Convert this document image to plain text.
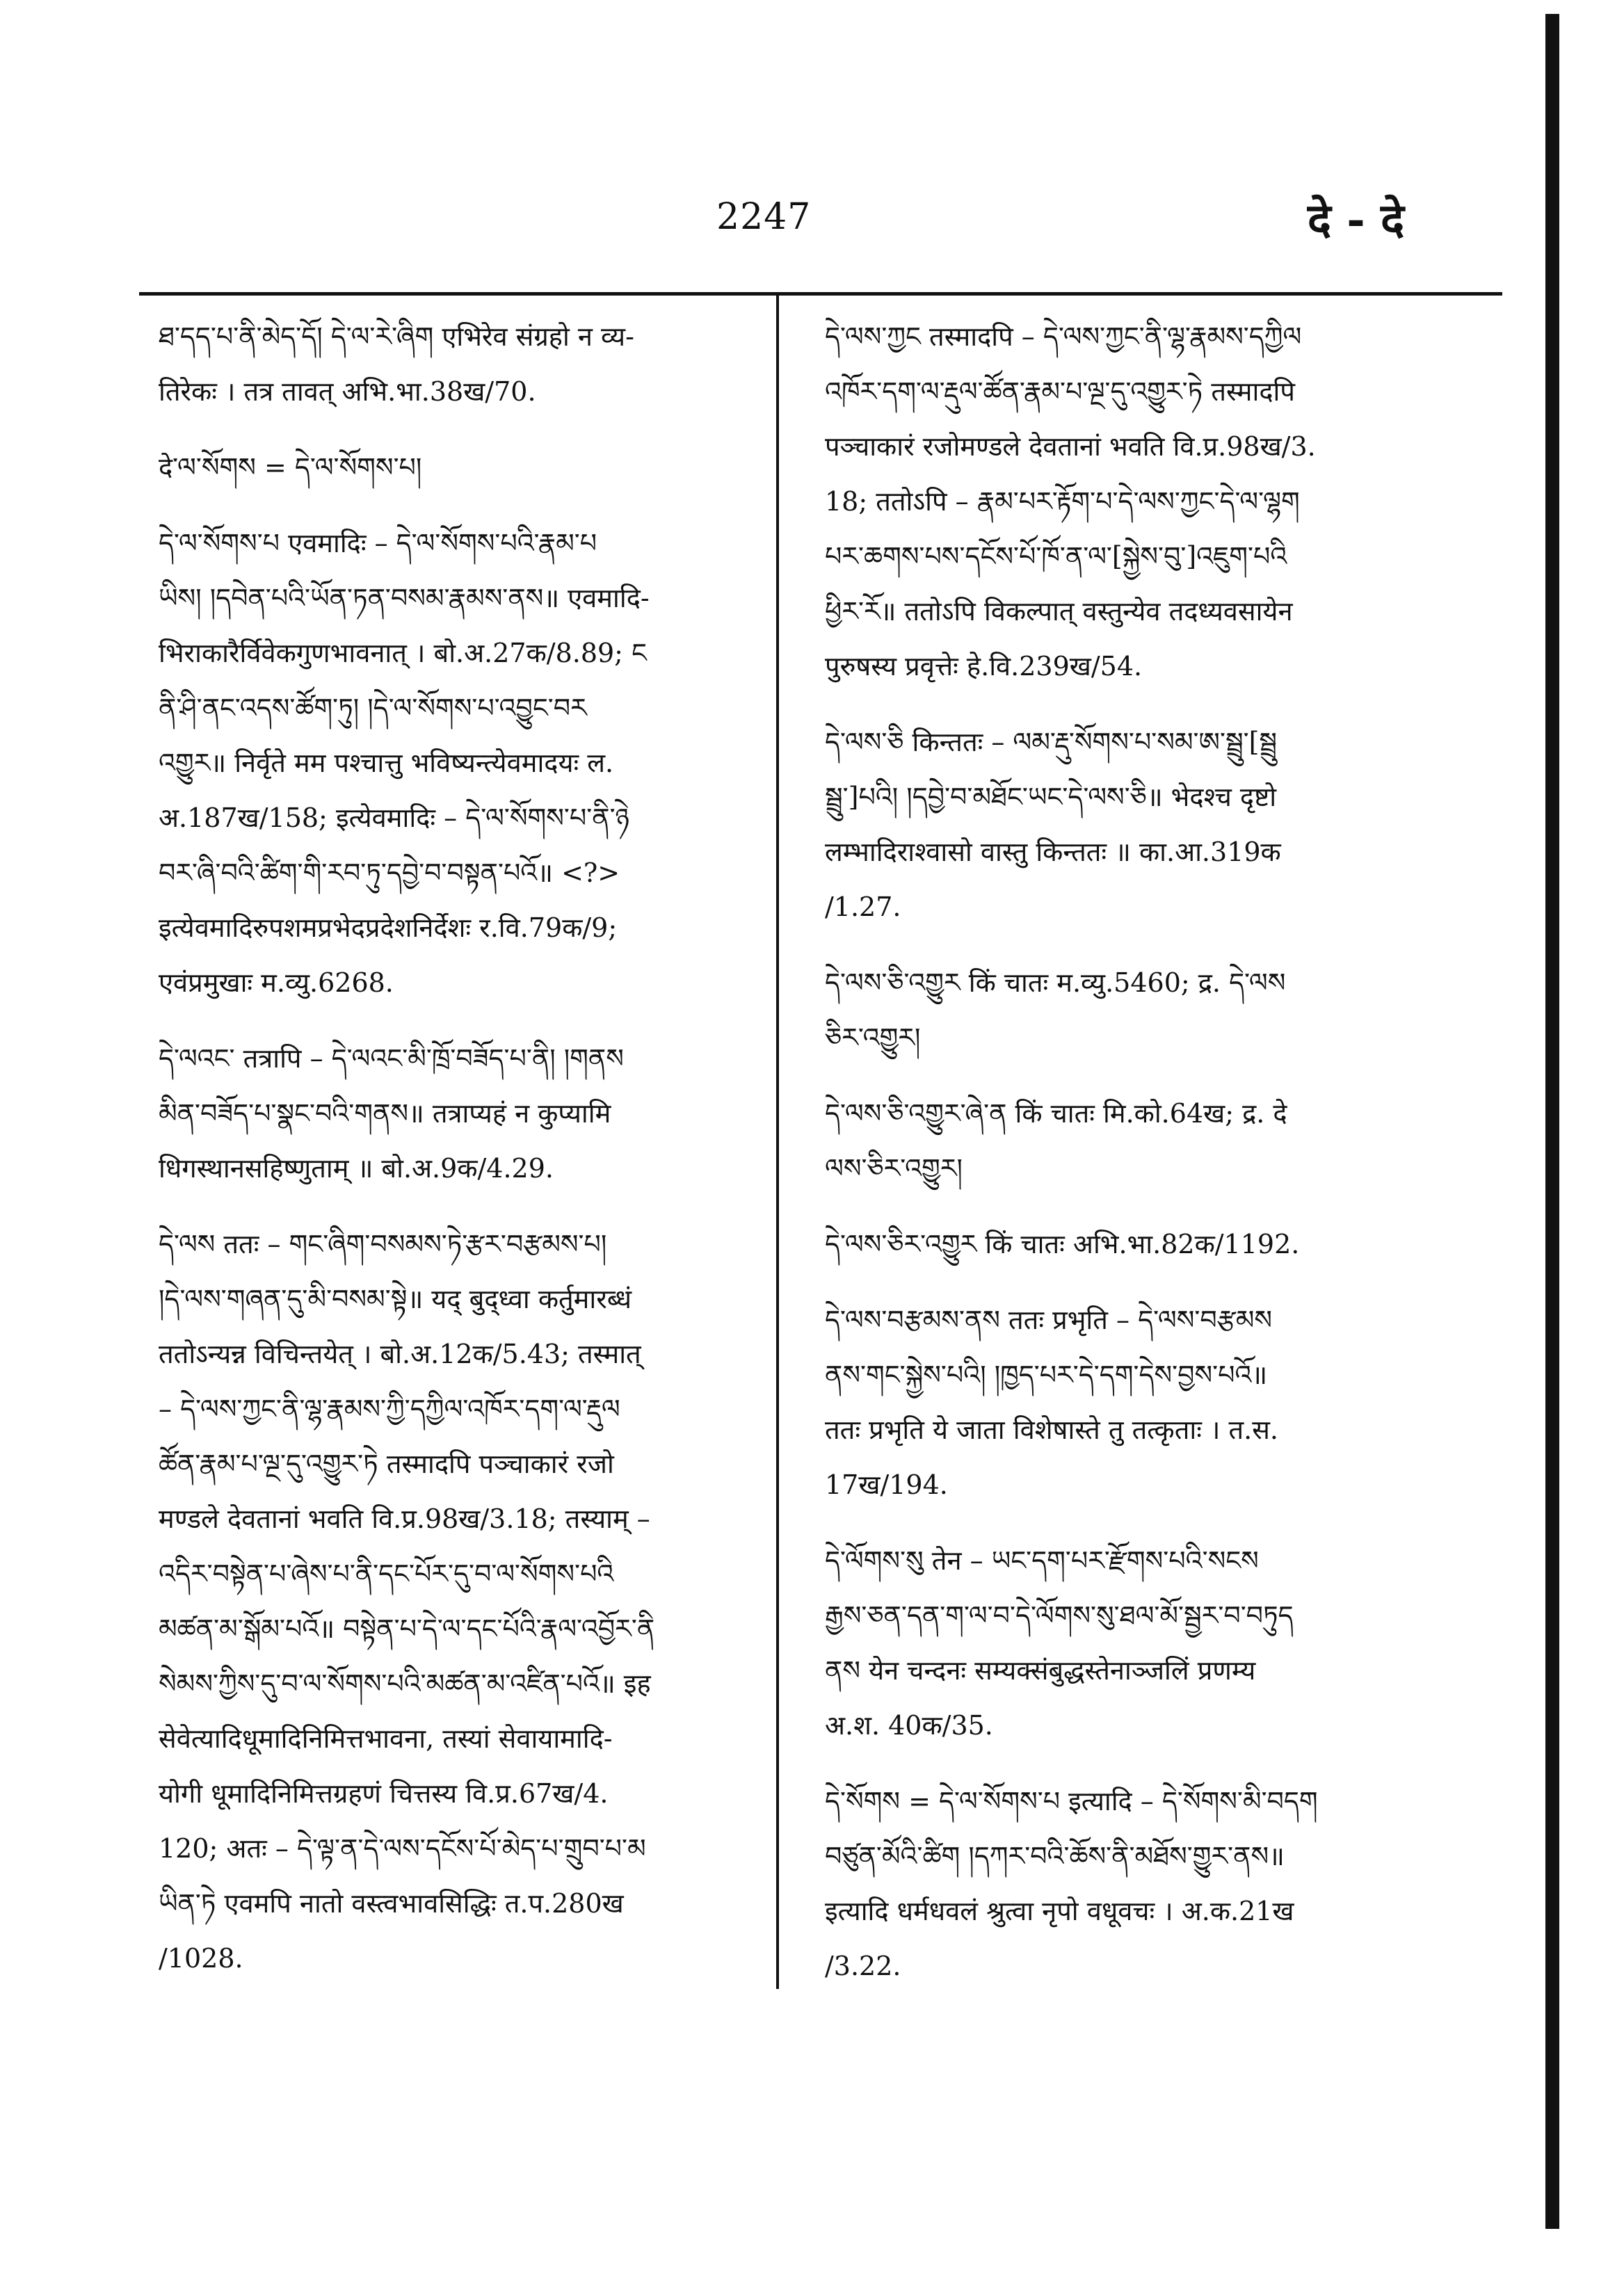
2247	दे - दे
ཐ་དད་པ་ནི་མེད་དོ། དེ་ལ་རེ་ཞིག एभिरेव संग्रहो न व्य-
तिरेकः । तत्र तावत् अभि.भा.38ख/70.
दे་ལ་སོགས = དེ་ལ་སོགས་པ།
དེ་ལ་སོགས་པ एवमादिः – དེ་ལ་སོགས་པའི་རྣམ་པ
ཡིས། །དབེན་པའི་ཡོན་ཏན་བསམ་རྣམས་ནས॥ एवमादि-
भिराकारैर्विवेकगुणभावनात् । बो.अ.27क/8.89; ང
ནི་ཤི་ནང་འདས་ཚོག་ཏུ། །དེ་ལ་སོགས་པ་འབྱུང་བར
འགྱུར॥ निर्वृते मम पश्चात्तु भविष्यन्त्येवमादयः ल.
अ.187ख/158; इत्येवमादिः – དེ་ལ་སོགས་པ་ནི་ཉེ
བར་ཞི་བའི་ཚིག་གི་རབ་ཏུ་དབྱེ་བ་བསྟན་པའོ॥ <?>
इत्येवमादिरुपशमप्रभेदप्रदेशनिर्देशः र.वि.79क/9;
एवंप्रमुखाः म.व्यु.6268.
དེ་ལའང་ तत्रापि – དེ་ལའང་མི་ཁྲོ་བཟོད་པ་ནི། །གནས
མིན་བཟོད་པ་སྣང་བའི་གནས॥ तत्राप्यहं न कुप्यामि
धिगस्थानसहिष्णुताम् ॥ बो.अ.9क/4.29.
དེ་ལས ततः – གང་ཞིག་བསམས་ཏེ་རྩར་བརྩམས་པ།
།དེ་ལས་གཞན་དུ་མི་བསམ་སྟེ॥ यद् बुद्ध्वा कर्तुमारब्धं
ततोऽन्यन्न विचिन्तयेत् । बो.अ.12क/5.43; तस्मात्
– དེ་ལས་ཀྱང་ནི་ལྷ་རྣམས་ཀྱི་དཀྱིལ་འཁོར་དག་ལ་རྡུལ
ཚོན་རྣམ་པ་ལྔ་དུ་འགྱུར་ཏེ तस्मादपि पञ्चाकारं रजो
मण्डले देवतानां भवति वि.प्र.98ख/3.18; तस्याम् –
འདིར་བསྟེན་པ་ཞེས་པ་ནི་དང་པོར་དུ་བ་ལ་སོགས་པའི
མཚན་མ་སྒོམ་པའོ॥ བསྟེན་པ་དེ་ལ་དང་པོའི་རྣལ་འབྱོར་ནི
སེམས་ཀྱིས་དུ་བ་ལ་སོགས་པའི་མཚན་མ་འཛིན་པའོ॥ इह
सेवेत्यादिधूमादिनिमित्तभावना, तस्यां सेवायामादि-
योगी धूमादिनिमित्तग्रहणं चित्तस्य वि.प्र.67ख/4.
120; अतः – དེ་ལྟ་ན་དེ་ལས་དངོས་པོ་མེད་པ་གྲུབ་པ་མ
ཡིན་ཏེ एवमपि नातो वस्त्वभावसिद्धिः त.प.280ख
/1028.
དེ་ལས་ཀྱང तस्मादपि – དེ་ལས་ཀྱང་ནི་ལྷ་རྣམས་དཀྱིལ
འཁོར་དག་ལ་རྡུལ་ཚོན་རྣམ་པ་ལྔ་དུ་འགྱུར་ཏེ तस्मादपि
पञ्चाकारं रजोमण्डले देवतानां भवति वि.प्र.98ख/3.
18; ततोऽपि – རྣམ་པར་རྟོག་པ་དེ་ལས་ཀྱང་དེ་ལ་ལྷག
པར་ཆགས་པས་དངོས་པོ་ཁོ་ན་ལ་[སྐྱེས་བུ་]འཇུག་པའི
ཕྱིར་རོ॥ ततोऽपि विकल्पात् वस्तुन्येव तदध्यवसायेन
पुरुषस्य प्रवृत्तेः हे.वि.239ख/54.
དེ་ལས་ཅི किन्ततः – ལམ་རྡུ་སོགས་པ་སམ་ཨ་སྦྲུ་[སྦྲུ
སྦྲུ་]པའི། །དབྱེ་བ་མཐོང་ཡང་དེ་ལས་ཅི॥ भेदश्च दृष्टो
लम्भादिराश्वासो वास्तु किन्ततः ॥ का.आ.319क
/1.27.
དེ་ལས་ཅི་འགྱུར किं चातः म.व्यु.5460; द्र. དེ་ལས
ཅིར་འགྱུར།
དེ་ལས་ཅི་འགྱུར་ཞེ་ན किं चातः मि.को.64ख; द्र. दे
ལས་ཅིར་འགྱུར།
དེ་ལས་ཅིར་འགྱུར किं चातः अभि.भा.82क/1192.
དེ་ལས་བརྩམས་ནས ततः प्रभृति – དེ་ལས་བརྩམས
ནས་གང་སྐྱེས་པའི། །ཁྱད་པར་དེ་དག་དེས་བྱས་པའོ॥
ततः प्रभृति ये जाता विशेषास्ते तु तत्कृताः । त.स.
17ख/194.
དེ་ལོགས་སུ तेन – ཡང་དག་པར་རྫོགས་པའི་སངས
རྒྱས་ཅན་དན་ག་ལ་བ་དེ་ལོགས་སུ་ཐལ་མོ་སྦྱར་བ་བཏུད
ནས येन चन्दनः सम्यक्संबुद्धस्तेनाञ्जलिं प्रणम्य
अ.श. 40क/35.
དེ་སོགས = དེ་ལ་སོགས་པ इत्यादि – དེ་སོགས་མི་བདག
བཙུན་མོའི་ཚིག །དཀར་བའི་ཆོས་ནི་མཐོས་གྱུར་ནས॥
इत्यादि धर्मधवलं श्रुत्वा नृपो वधूवचः । अ.क.21ख
/3.22.
